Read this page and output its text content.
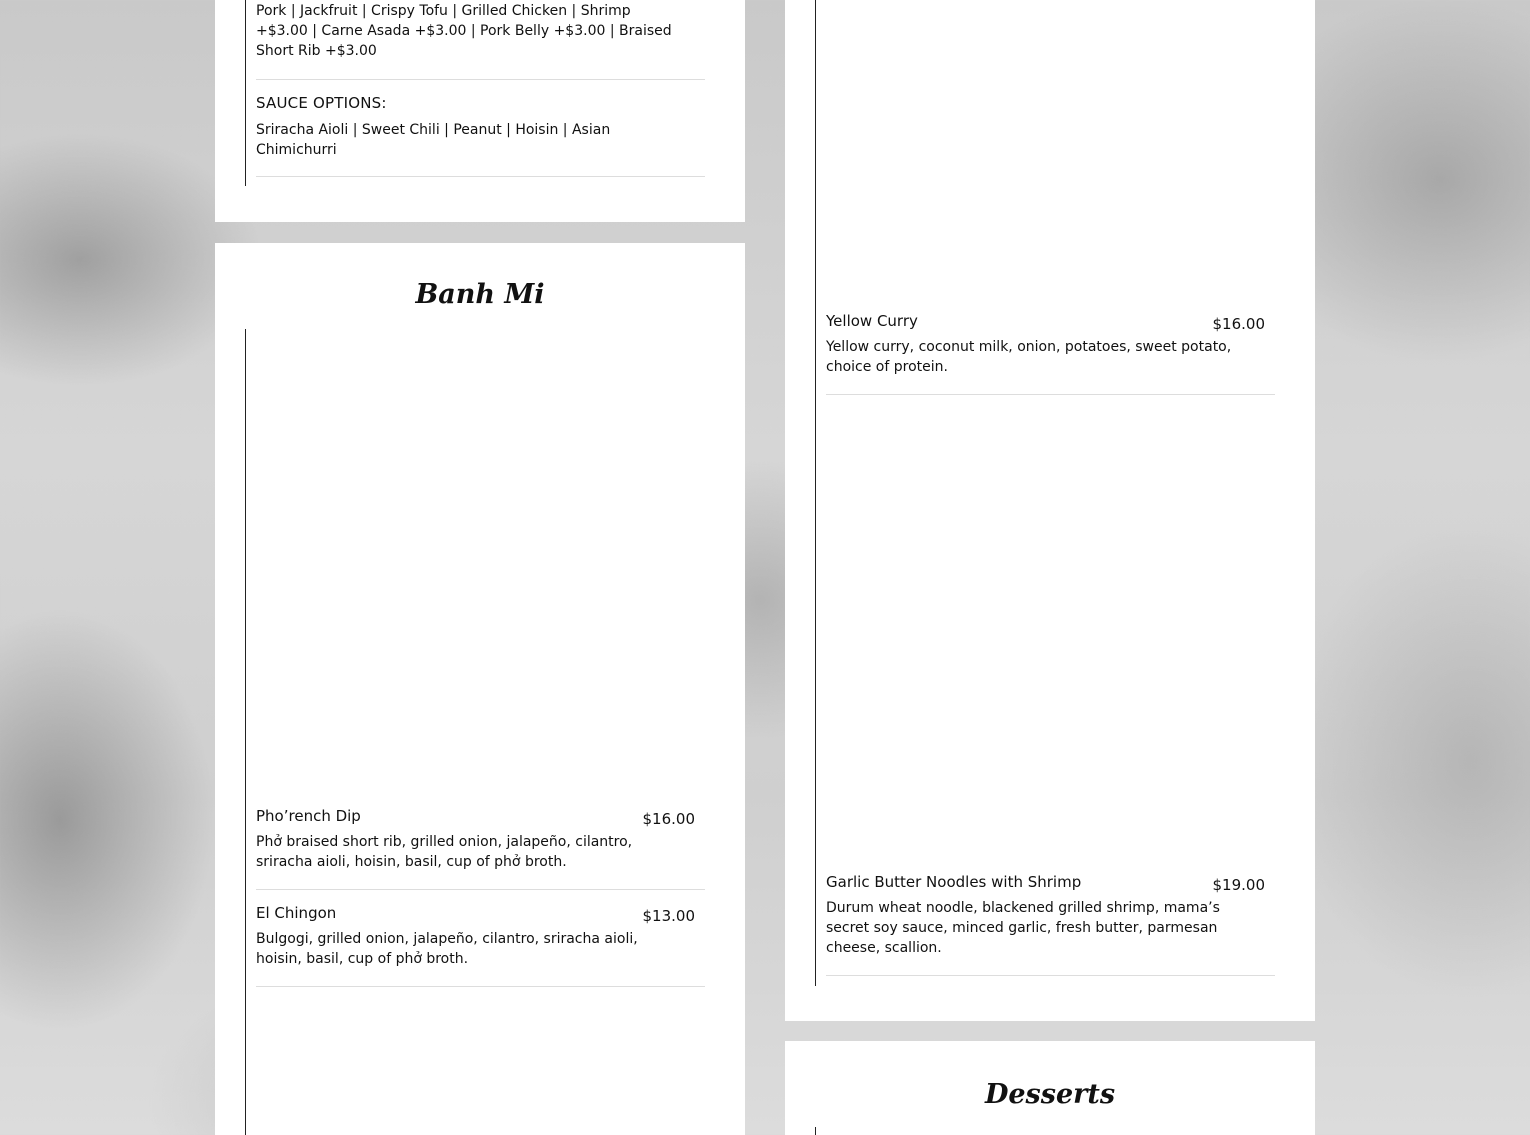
Pork | Jackfruit | Crispy Tofu | Grilled Chicken | Shrimp +$3.00 | Carne Asada +$3.00 | Pork Belly +$3.00 | Braised Short Rib +$3.00
SAUCE OPTIONS:
Sriracha Aioli | Sweet Chili | Peanut | Hoisin | Asian Chimichurri
Banh Mi
Pho’rench Dip	$16.00
Phở braised short rib, grilled onion, jalapeño, cilantro, sriracha aioli, hoisin, basil, cup of phở broth.
El Chingon	$13.00
Bulgogi, grilled onion, jalapeño, cilantro, sriracha aioli, hoisin, basil, cup of phở broth.
Yellow Curry	$16.00
Yellow curry, coconut milk, onion, potatoes, sweet potato, choice of protein.
Garlic Butter Noodles with Shrimp	$19.00
Durum wheat noodle, blackened grilled shrimp, mama’s secret soy sauce, minced garlic, fresh butter, parmesan cheese, scallion.
Desserts
